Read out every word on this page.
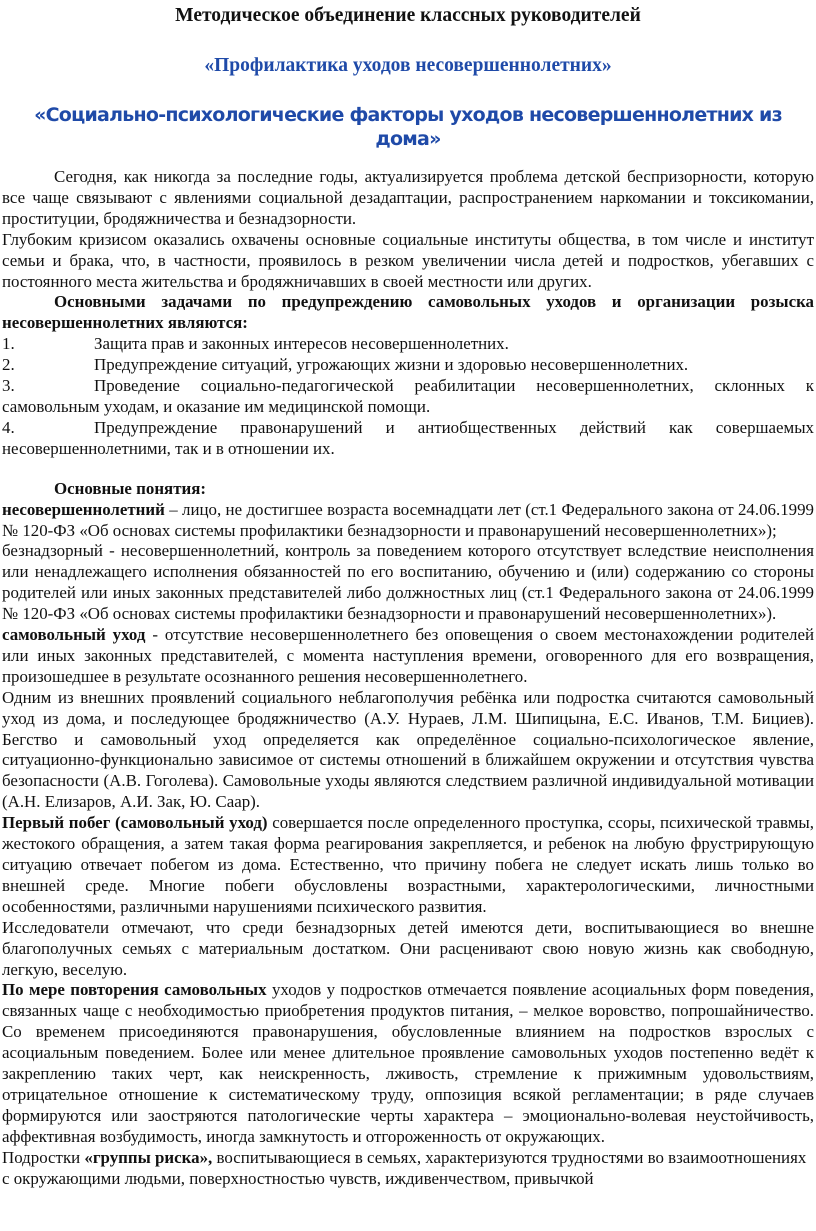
Методическое объединение классных руководителей

«Профилактика уходов несовершеннолетних»

«Социально-психологические факторы уходов несовершеннолетних из дома»

Сегодня, как никогда за последние годы, актуализируется проблема детской беспризорности, которую все чаще связывают с явлениями социальной дезадаптации, распространением наркомании и токсикомании, проституции, бродяжничества и безнадзорности.

Глубоким кризисом оказались охвачены основные социальные институты общества, в том числе и институт семьи и брака, что, в частности, проявилось в резком увеличении числа детей и подростков, убегавших с постоянного места жительства и бродяжничавших в своей местности или других.

Основными задачами по предупреждению самовольных уходов и организации розыска несовершеннолетних являются:

1.	Защита прав и законных интересов несовершеннолетних.

2.	Предупреждение ситуаций, угрожающих жизни и здоровью несовершеннолетних.

3.	Проведение социально-педагогической реабилитации несовершеннолетних, склонных к самовольным уходам, и оказание им медицинской помощи.

4.	Предупреждение правонарушений и антиобщественных действий как совершаемых несовершеннолетними, так и в отношении их.

Основные понятия:

несовершеннолетний – лицо, не достигшее возраста восемнадцати лет (ст.1 Федерального закона от 24.06.1999 № 120-ФЗ «Об основах системы профилактики безнадзорности и правонарушений несовершеннолетних»);

безнадзорный - несовершеннолетний, контроль за поведением которого отсутствует вследствие неисполнения или ненадлежащего исполнения обязанностей по его воспитанию, обучению и (или) содержанию со стороны родителей или иных законных представителей либо должностных лиц (ст.1 Федерального закона от 24.06.1999 № 120-ФЗ «Об основах системы профилактики безнадзорности и правонарушений несовершеннолетних»).

самовольный уход - отсутствие несовершеннолетнего без оповещения о своем местонахождении родителей или иных законных представителей, с момента наступления времени, оговоренного для его возвращения, произошедшее в результате осознанного решения несовершеннолетнего.

Одним из внешних проявлений социального неблагополучия ребёнка или подростка считаются самовольный уход из дома, и последующее бродяжничество (А.У. Нураев, Л.М. Шипицына, Е.С. Иванов, Т.М. Бициев). Бегство и самовольный уход определяется как определённое социально-психологическое явление, ситуационно-функционально зависимое от системы отношений в ближайшем окружении и отсутствия чувства безопасности (А.В. Гоголева). Самовольные уходы являются следствием различной индивидуальной мотивации (А.Н. Елизаров, А.И. Зак, Ю. Саар).

Первый побег (самовольный уход) совершается после определенного проступка, ссоры, психической травмы, жестокого обращения, а затем такая форма реагирования закрепляется, и ребенок на любую фрустрирующую ситуацию отвечает побегом из дома. Естественно, что причину побега не следует искать лишь только во внешней среде. Многие побеги обусловлены возрастными, характерологическими, личностными особенностями, различными нарушениями психического развития.

Исследователи отмечают, что среди безнадзорных детей имеются дети, воспитывающиеся во внешне благополучных семьях с материальным достатком. Они расценивают свою новую жизнь как свободную, легкую, веселую.

По мере повторения самовольных уходов у подростков отмечается появление асоциальных форм поведения, связанных чаще с необходимостью приобретения продуктов питания, – мелкое воровство, попрошайничество. Со временем присоединяются правонарушения, обусловленные влиянием на подростков взрослых с асоциальным поведением. Более или менее длительное проявление самовольных уходов постепенно ведёт к закреплению таких черт, как неискренность, лживость, стремление к прижимным удовольствиям, отрицательное отношение к систематическому труду, оппозиция всякой регламентации; в ряде случаев формируются или заостряются патологические черты характера – эмоционально-волевая неустойчивость, аффективная возбудимость, иногда замкнутость и отгороженность от окружающих.

Подростки «группы риска», воспитывающиеся в семьях, характеризуются трудностями во взаимоотношениях с окружающими людьми, поверхностностью чувств, иждивенчеством, привычкой
